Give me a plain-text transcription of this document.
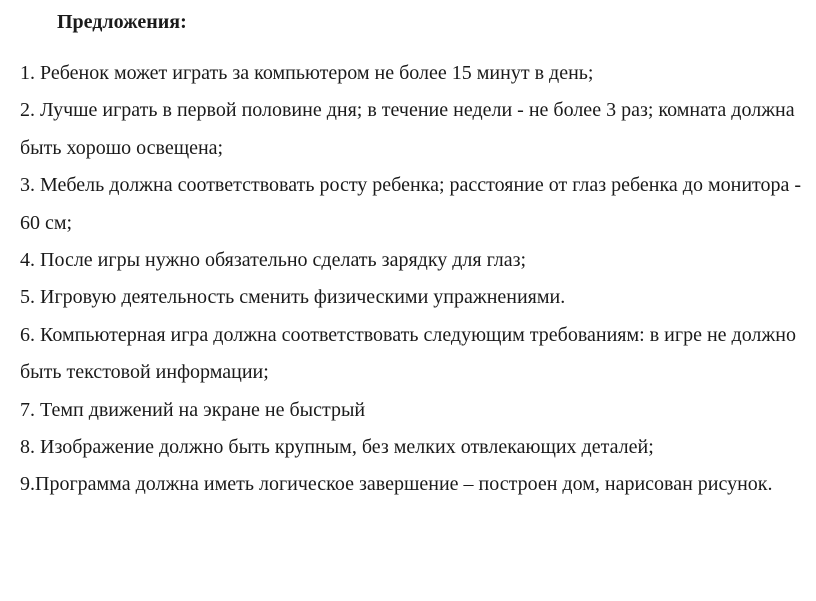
Предложения:

1. Ребенок может играть за компьютером не более 15 минут в день;

2. Лучше играть в первой половине дня; в течение недели - не более 3 раз; комната должна быть хорошо освещена;

3. Мебель должна соответствовать росту ребенка; расстояние от глаз ребенка до монитора - 60 см;

4. После игры нужно обязательно сделать зарядку для глаз;

5. Игровую деятельность сменить физическими упражнениями.

6. Компьютерная игра должна соответствовать следующим требованиям: в игре не должно быть текстовой информации;

7. Темп движений на экране не быстрый

8. Изображение должно быть крупным, без мелких отвлекающих деталей;

9.Программа должна иметь логическое завершение – построен дом, нарисован рисунок.
